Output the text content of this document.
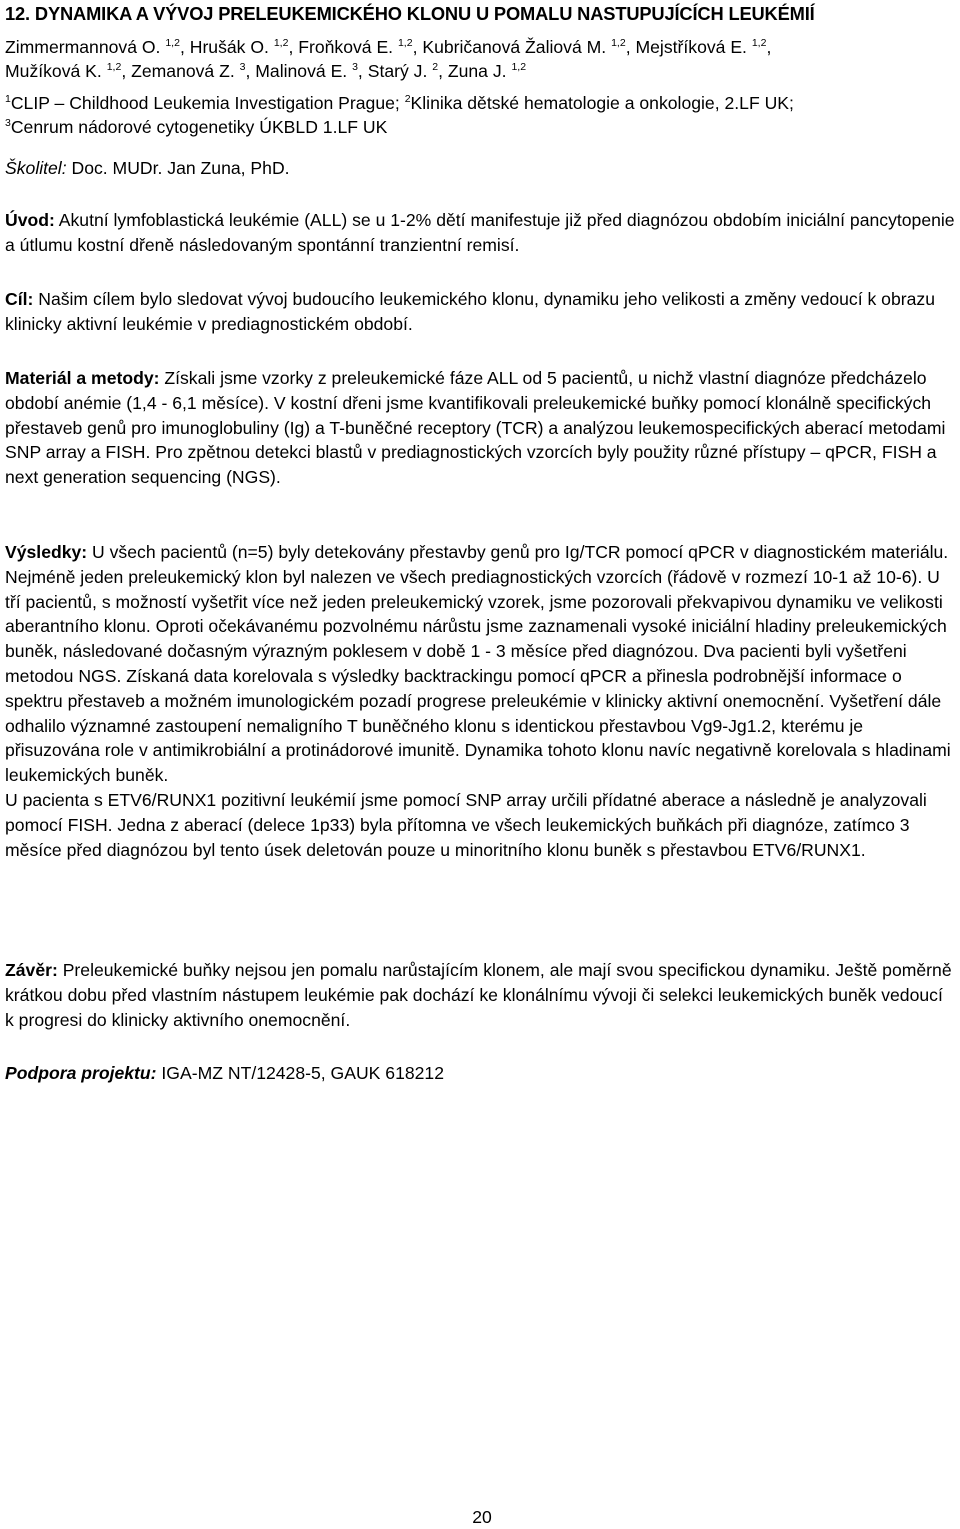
12. DYNAMIKA A VÝVOJ PRELEUKEMICKÉHO KLONU U POMALU NASTUPUJÍCÍCH LEUKÉMIÍ
Zimmermannová O. $^{1,2}$, Hrušák O. $^{1,2}$, Froňková E. $^{1,2}$, Kubričanová Žaliová M. $^{1,2}$, Mejstříková E. $^{1,2}$,
Mužíková K. $^{1,2}$, Zemanová Z. $^3$, Malinová E. $^3$, Starý J. $^2$, Zuna J. $^{1,2}$
$^1$CLIP – Childhood Leukemia Investigation Prague; $^2$Klinika dětské hematologie a onkologie, 2.LF UK;
$^3$Cenrum nádorové cytogenetiky ÚKBLD 1.LF UK
Školitel: Doc. MUDr. Jan Zuna, PhD.
Úvod: Akutní lymfoblastická leukémie (ALL) se u 1-2% dětí manifestuje již před diagnózou obdobím iniciální pancytopenie a útlumu kostní dřeně následovaným spontánní tranzientní remisí.
Cíl: Našim cílem bylo sledovat vývoj budoucího leukemického klonu, dynamiku jeho velikosti a změny vedoucí k obrazu klinicky aktivní leukémie v prediagnostickém období.
Materiál a metody: Získali jsme vzorky z preleukemické fáze ALL od 5 pacientů, u nichž vlastní diagnóze předcházelo období anémie (1,4 - 6,1 měsíce). V kostní dřeni jsme kvantifikovali preleukemické buňky pomocí klonálně specifických přestaveb genů pro imunoglobuliny (Ig) a T-buněčné receptory (TCR) a analýzou leukemospecifických aberací metodami SNP array a FISH. Pro zpětnou detekci blastů v prediagnostických vzorcích byly použity různé přístupy – qPCR, FISH a next generation sequencing (NGS).
Výsledky: U všech pacientů (n=5) byly detekovány přestavby genů pro Ig/TCR pomocí qPCR v diagnostickém materiálu. Nejméně jeden preleukemický klon byl nalezen ve všech prediagnostických vzorcích (řádově v rozmezí 10-1 až 10-6). U tří pacientů, s možností vyšetřit více než jeden preleukemický vzorek, jsme pozorovali překvapivou dynamiku ve velikosti aberantního klonu. Oproti očekávanému pozvolnému nárůstu jsme zaznamenali vysoké iniciální hladiny preleukemických buněk, následované dočasným výrazným poklesem v době 1 - 3 měsíce před diagnózou. Dva pacienti byli vyšetřeni metodou NGS. Získaná data korelovala s výsledky backtrackingu pomocí qPCR a přinesla podrobnější informace o spektru přestaveb a možném imunologickém pozadí progrese preleukémie v klinicky aktivní onemocnění. Vyšetření dále odhalilo významné zastoupení nemaligního T buněčného klonu s identickou přestavbou Vg9-Jg1.2, kterému je přisuzována role v antimikrobiální a protinádorové imunitě. Dynamika tohoto klonu navíc negativně korelovala s hladinami leukemických buněk.
U pacienta s ETV6/RUNX1 pozitivní leukémií jsme pomocí SNP array určili přídatné aberace a následně je analyzovali pomocí FISH. Jedna z aberací (delece 1p33) byla přítomna ve všech leukemických buňkách při diagnóze, zatímco 3 měsíce před diagnózou byl tento úsek deletován pouze u minoritního klonu buněk s přestavbou ETV6/RUNX1.
Závěr: Preleukemické buňky nejsou jen pomalu narůstajícím klonem, ale mají svou specifickou dynamiku. Ještě poměrně krátkou dobu před vlastním nástupem leukémie pak dochází ke klonálnímu vývoji či selekci leukemických buněk vedoucí k progresi do klinicky aktivního onemocnění.
Podpora projektu: IGA-MZ NT/12428-5, GAUK 618212
20
